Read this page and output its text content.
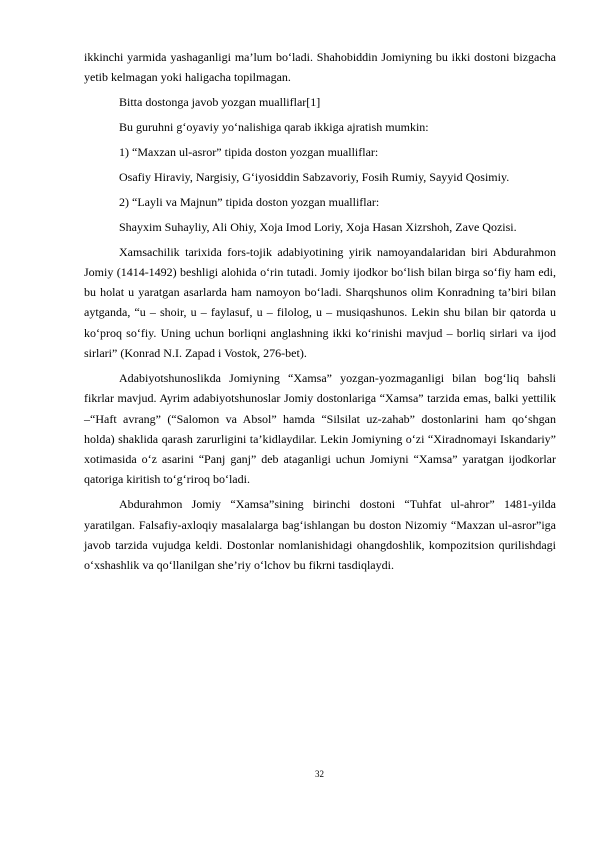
ikkinchi yarmida yashaganligi ma’lum bo‘ladi. Shahobiddin Jomiyning bu ikki dostoni bizgacha yetib kelmagan yoki haligacha topilmagan.

Bitta dostonga javob yozgan mualliflar[1]

Bu guruhni g‘oyaviy yo‘nalishiga qarab ikkiga ajratish mumkin:

1) “Maxzan ul-asror” tipida doston yozgan mualliflar:

Osafiy Hiraviy, Nargisiy, G‘iyosiddin Sabzavoriy, Fosih Rumiy, Sayyid Qosimiy.

2) “Layli va Majnun” tipida doston yozgan mualliflar:

Shayxim Suhayliy, Ali Ohiy, Xoja Imod Loriy, Xoja Hasan Xizrshoh, Zave Qozisi.

Xamsachilik tarixida fors-tojik adabiyotining yirik namoyandalaridan biri Abdurahmon Jomiy (1414-1492) beshligi alohida o‘rin tutadi. Jomiy ijodkor bo‘lish bilan birga so‘fiy ham edi, bu holat u yaratgan asarlarda ham namoyon bo‘ladi. Sharqshunos olim Konradning ta’biri bilan aytganda, “u – shoir, u – faylasuf, u – filolog, u – musiqashunos. Lekin shu bilan bir qatorda u ko‘proq so‘fiy. Uning uchun borliqni anglashning ikki ko‘rinishi mavjud – borliq sirlari va ijod sirlari” (Konrad N.I. Zapad i Vostok, 276-bet).

Adabiyotshunoslikda Jomiyning “Xamsa” yozgan-yozmaganligi bilan bog‘liq bahsli fikrlar mavjud. Ayrim adabiyotshunoslar Jomiy dostonlariga “Xamsa” tarzida emas, balki yettilik –“Haft avrang” (“Salomon va Absol” hamda “Silsilat uz-zahab” dostonlarini ham qo‘shgan holda) shaklida qarash zarurligini ta’kidlaydilar. Lekin Jomiyning o‘zi “Xiradnomayi Iskandariy” xotimasida o‘z asarini “Panj ganj” deb ataganligi uchun Jomiyni “Xamsa” yaratgan ijodkorlar qatoriga kiritish to‘g‘riroq bo‘ladi.

Abdurahmon Jomiy “Xamsa”sining birinchi dostoni “Tuhfat ul-ahror” 1481-yilda yaratilgan. Falsafiy-axloqiy masalalarga bag‘ishlangan bu doston Nizomiy “Maxzan ul-asror”iga javob tarzida vujudga keldi. Dostonlar nomlanishidagi ohangdoshlik, kompozitsion qurilishdagi o‘xshashlik va qo‘llanilgan she’riy o‘lchov bu fikrni tasdiqlaydi.

32
